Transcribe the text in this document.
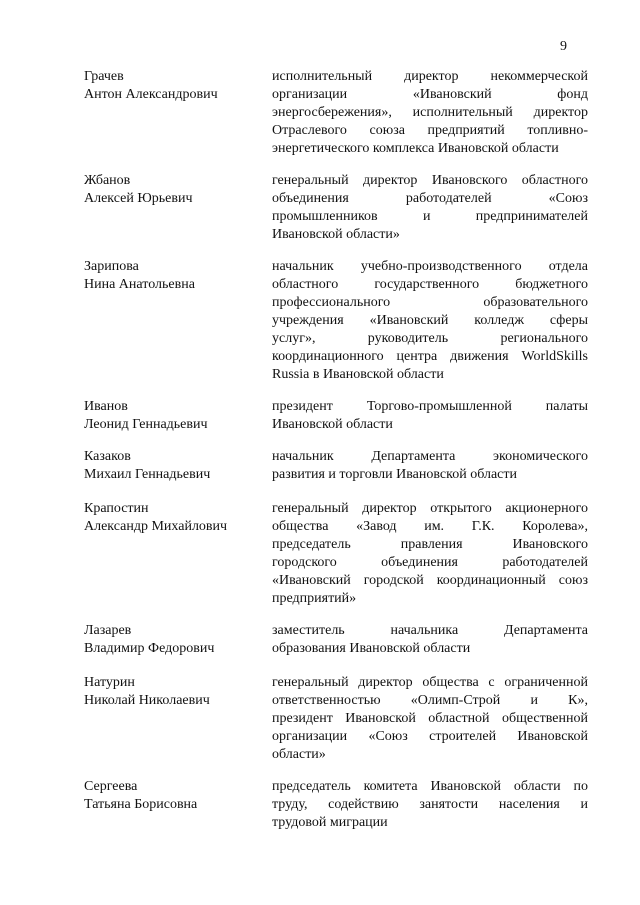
9
Грачев
Антон Александрович
исполнительный директор некоммерческой
организации «Ивановский фонд
энергосбережения», исполнительный директор
Отраслевого союза предприятий топливно-
энергетического комплекса Ивановской области
Жбанов
Алексей Юрьевич
генеральный директор Ивановского областного
объединения работодателей «Союз
промышленников и предпринимателей
Ивановской области»
Зарипова
Нина Анатольевна
начальник учебно-производственного отдела
областного государственного бюджетного
профессионального образовательного
учреждения «Ивановский колледж сферы
услуг», руководитель регионального
координационного центра движения WorldSkills
Russia в Ивановской области
Иванов
Леонид Геннадьевич
президент Торгово-промышленной палаты
Ивановской области
Казаков
Михаил Геннадьевич
начальник Департамента экономического
развития и торговли Ивановской области
Крапостин
Александр Михайлович
генеральный директор открытого акционерного
общества «Завод им. Г.К. Королева»,
председатель правления Ивановского
городского объединения работодателей
«Ивановский городской координационный союз
предприятий»
Лазарев
Владимир Федорович
заместитель начальника Департамента
образования Ивановской области
Натурин
Николай Николаевич
генеральный директор общества с ограниченной
ответственностью «Олимп-Строй и К»,
президент Ивановской областной общественной
организации «Союз строителей Ивановской
области»
Сергеева
Татьяна Борисовна
председатель комитета Ивановской области по
труду, содействию занятости населения и
трудовой миграции
